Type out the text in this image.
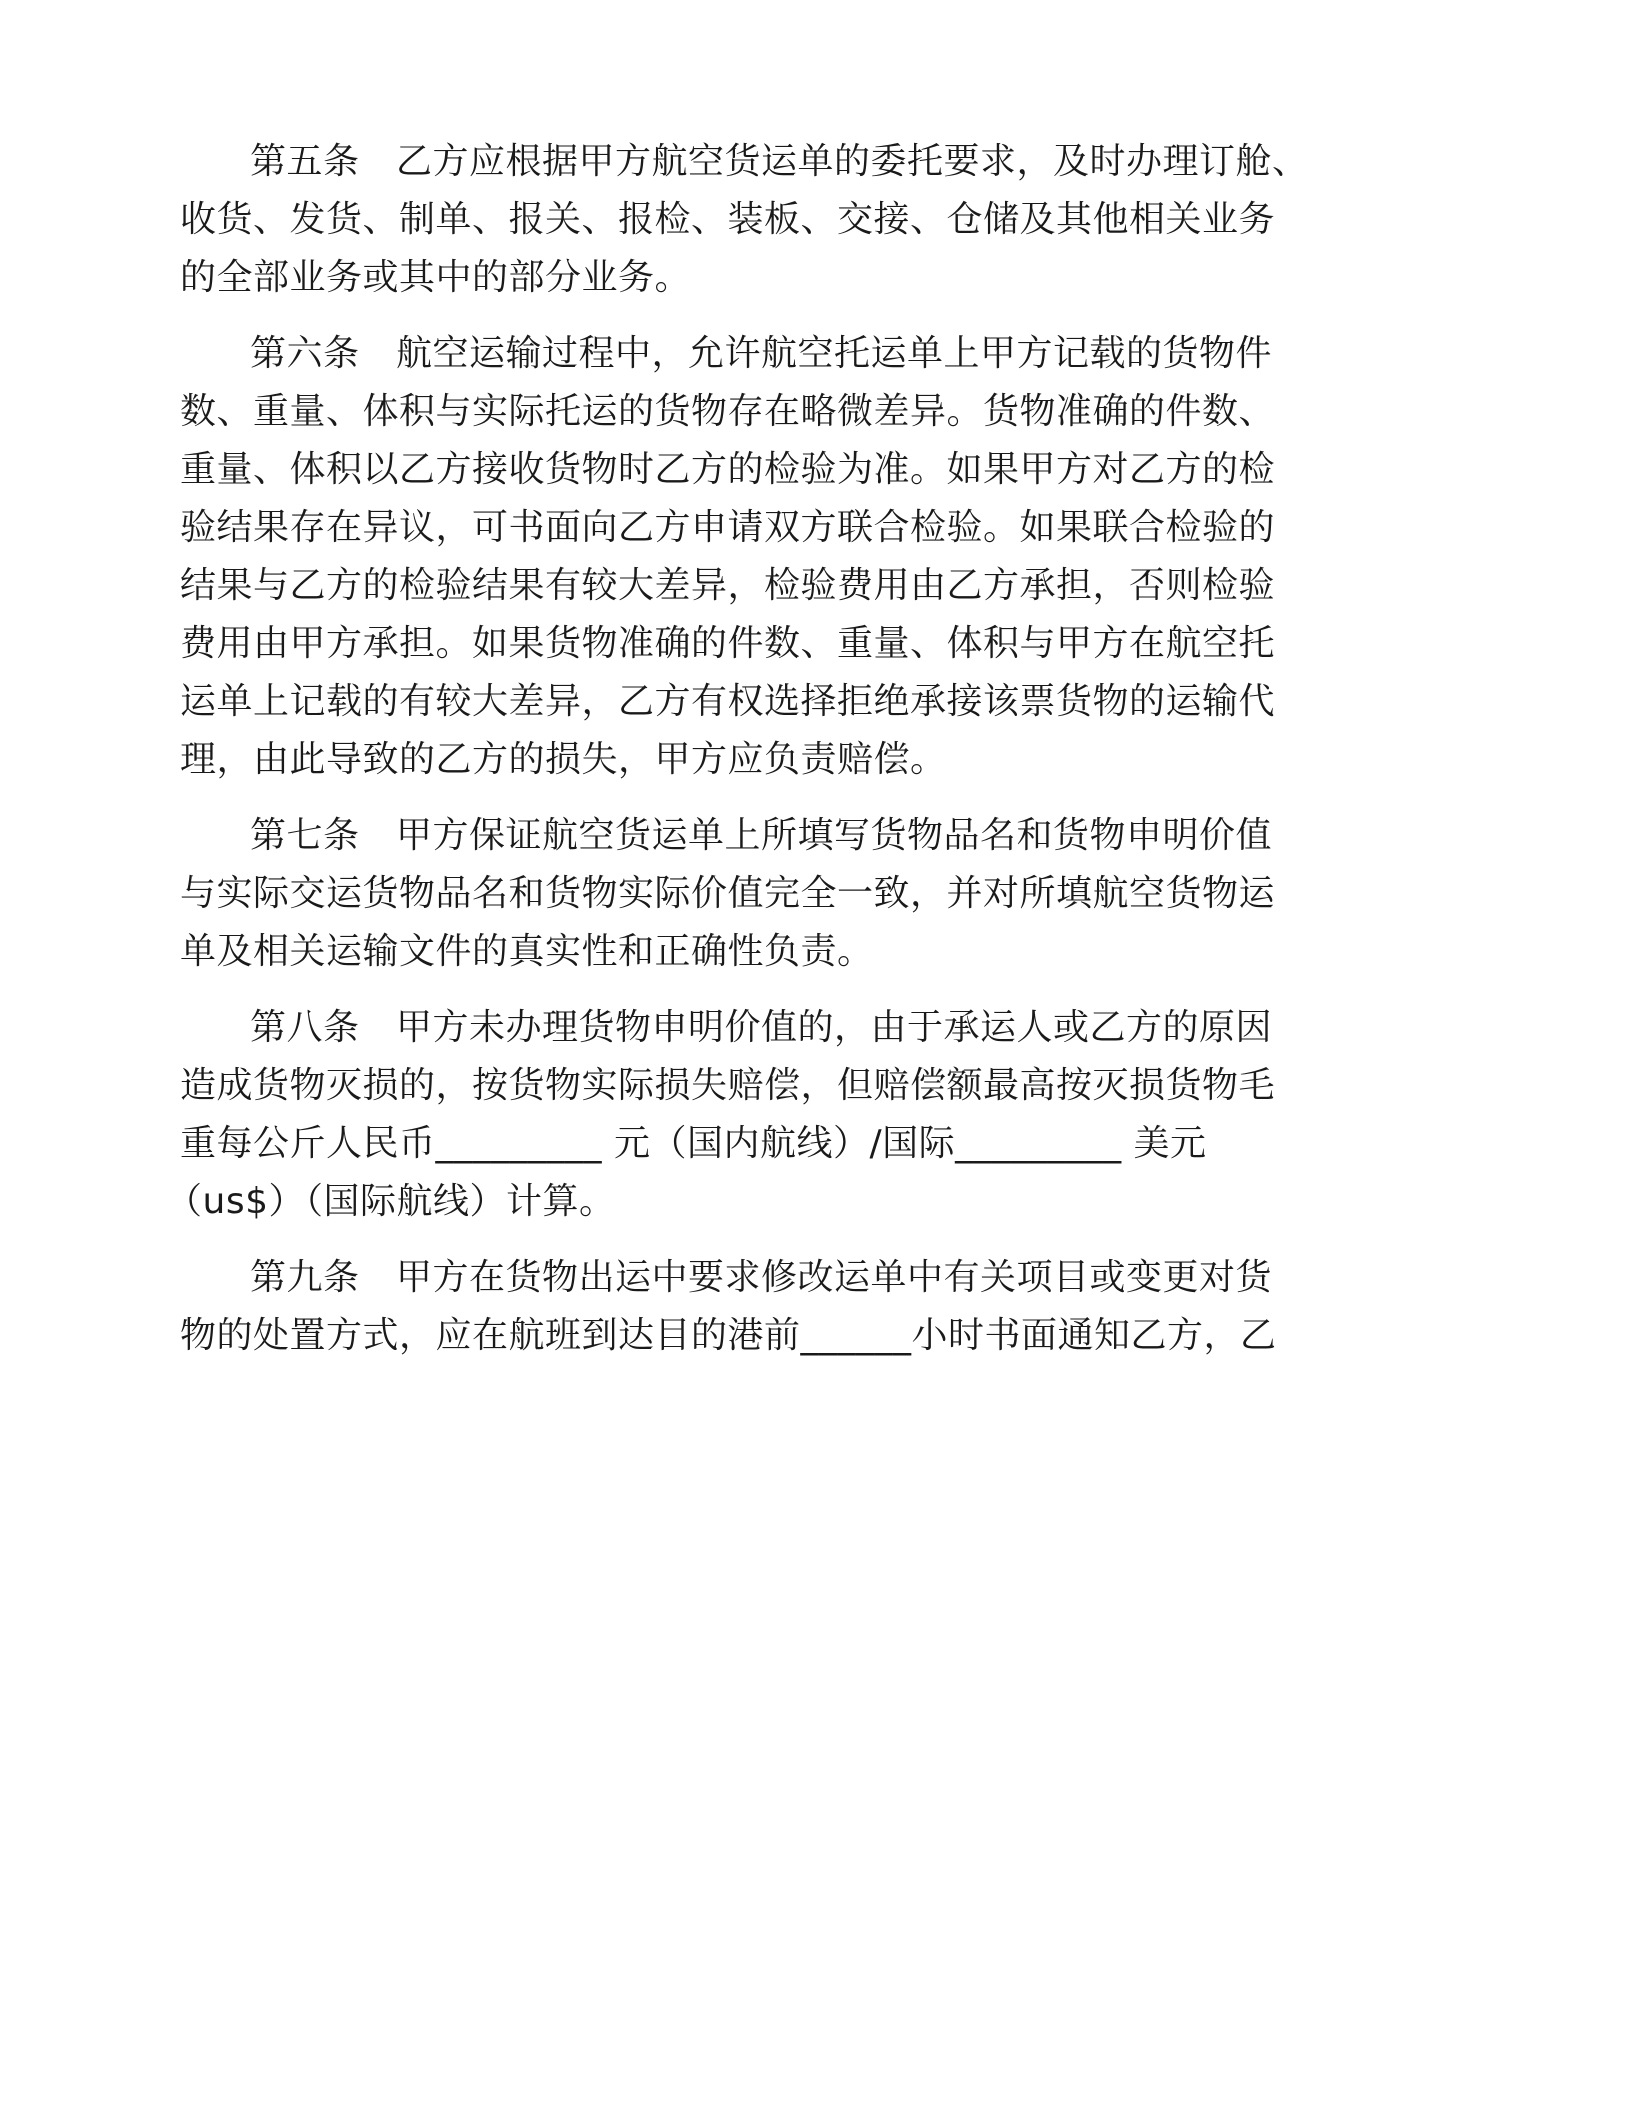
第五条　乙方应根据甲方航空货运单的委托要求，及时办理订舱、
收货、发货、制单、报关、报检、装板、交接、仓储及其他相关业务
的全部业务或其中的部分业务。
第六条　航空运输过程中，允许航空托运单上甲方记载的货物件
数、重量、体积与实际托运的货物存在略微差异。货物准确的件数、
重量、体积以乙方接收货物时乙方的检验为准。如果甲方对乙方的检
验结果存在异议，可书面向乙方申请双方联合检验。如果联合检验的
结果与乙方的检验结果有较大差异，检验费用由乙方承担，否则检验
费用由甲方承担。如果货物准确的件数、重量、体积与甲方在航空托
运单上记载的有较大差异，乙方有权选择拒绝承接该票货物的运输代
理，由此导致的乙方的损失，甲方应负责赔偿。
第七条　甲方保证航空货运单上所填写货物品名和货物申明价值
与实际交运货物品名和货物实际价值完全一致，并对所填航空货物运
单及相关运输文件的真实性和正确性负责。
第八条　甲方未办理货物申明价值的，由于承运人或乙方的原因
造成货物灭损的，按货物实际损失赔偿，但赔偿额最高按灭损货物毛
重每公斤人民币_________ 元（国内航线）/国际_________ 美元
（us$）（国际航线）计算。
第九条　甲方在货物出运中要求修改运单中有关项目或变更对货
物的处置方式，应在航班到达目的港前______小时书面通知乙方，乙
